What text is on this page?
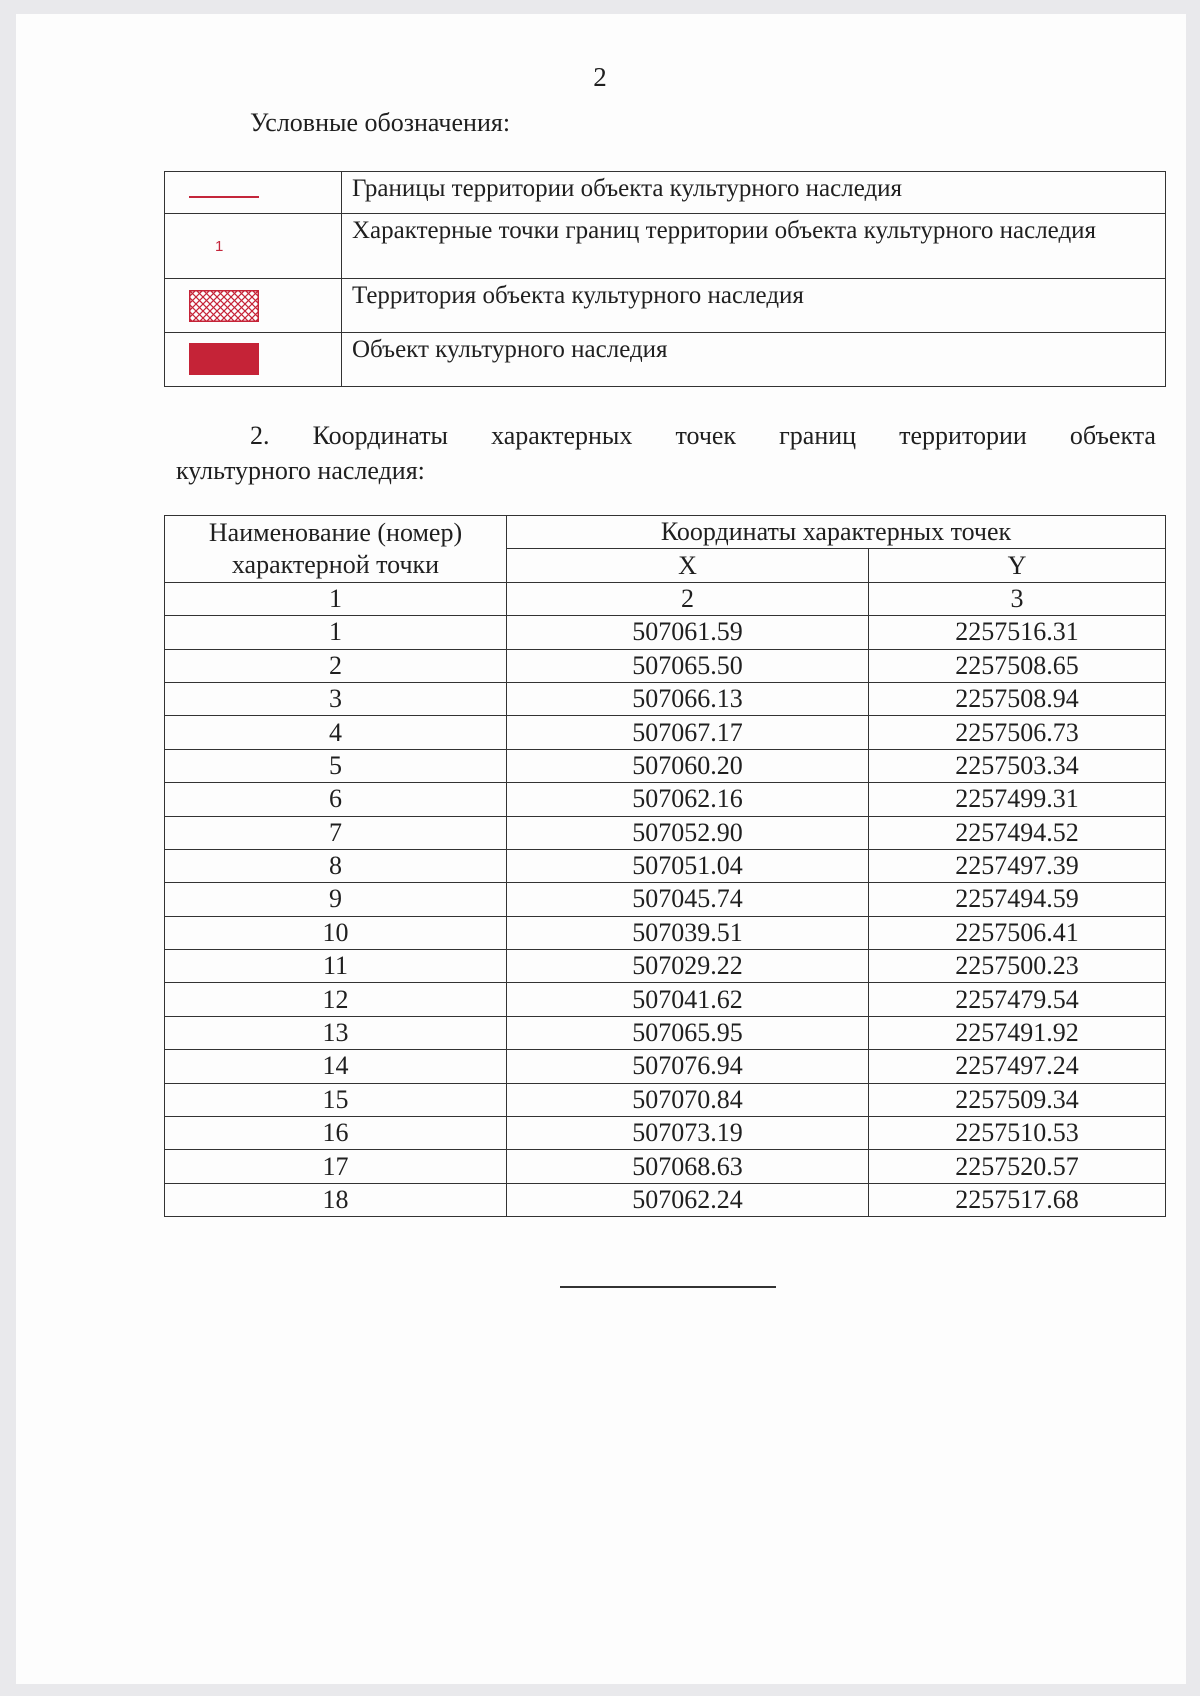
2
Условные обозначения:
	Границы территории объекта культурного наследия

1	Характерные точки границ территории объекта культурного наследия

	Территория объекта культурного наследия

	Объект культурного наследия
2. Координаты характерных точек границ территории объекта
культурного наследия:
Наименование (номер) характерной точки	Координаты характерных точек	
	X	Y
1	2	3
1	507061.59	2257516.31
2	507065.50	2257508.65
3	507066.13	2257508.94
4	507067.17	2257506.73
5	507060.20	2257503.34
6	507062.16	2257499.31
7	507052.90	2257494.52
8	507051.04	2257497.39
9	507045.74	2257494.59
10	507039.51	2257506.41
11	507029.22	2257500.23
12	507041.62	2257479.54
13	507065.95	2257491.92
14	507076.94	2257497.24
15	507070.84	2257509.34
16	507073.19	2257510.53
17	507068.63	2257520.57
18	507062.24	2257517.68
